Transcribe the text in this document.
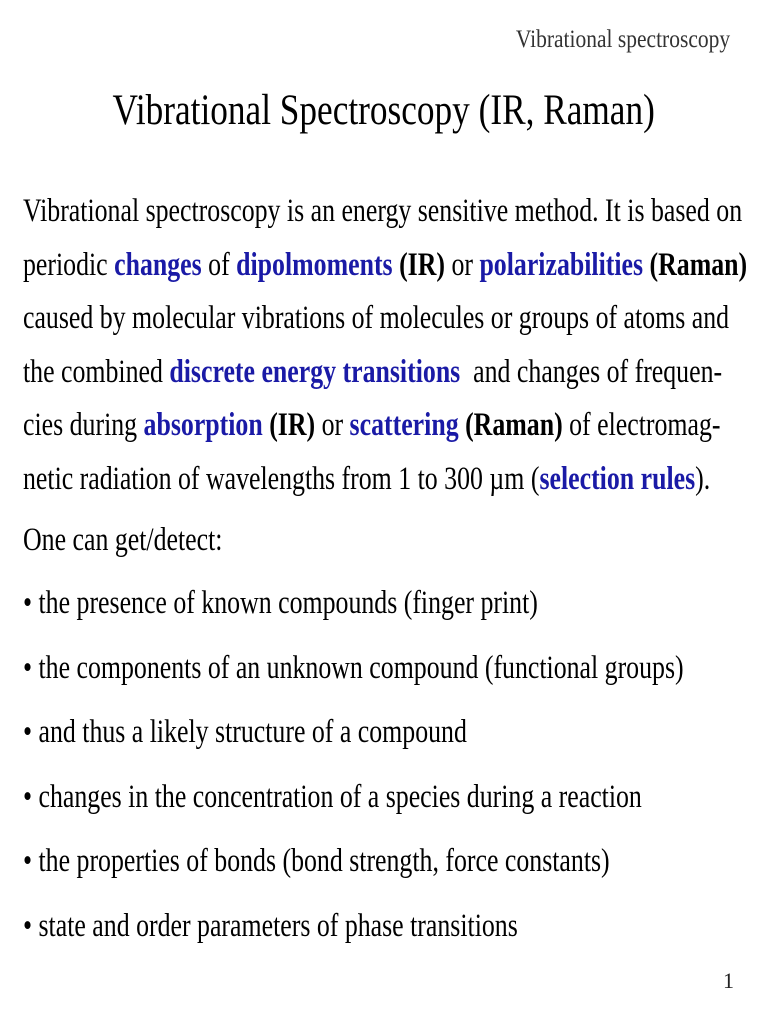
Vibrational spectroscopy
Vibrational Spectroscopy (IR, Raman)
Vibrational spectroscopy is an energy sensitive method. It is based on
periodic changes of dipolmoments (IR) or polarizabilities (Raman)
caused by molecular vibrations of molecules or groups of atoms and
the combined discrete energy transitions  and changes of frequen-
cies during absorption (IR) or scattering (Raman) of electromag-
netic radiation of wavelengths from 1 to 300 µm (selection rules).
One can get/detect:
• the presence of known compounds (finger print)
• the components of an unknown compound (functional groups)
• and thus a likely structure of a compound
• changes in the concentration of a species during a reaction
• the properties of bonds (bond strength, force constants)
• state and order parameters of phase transitions
1
